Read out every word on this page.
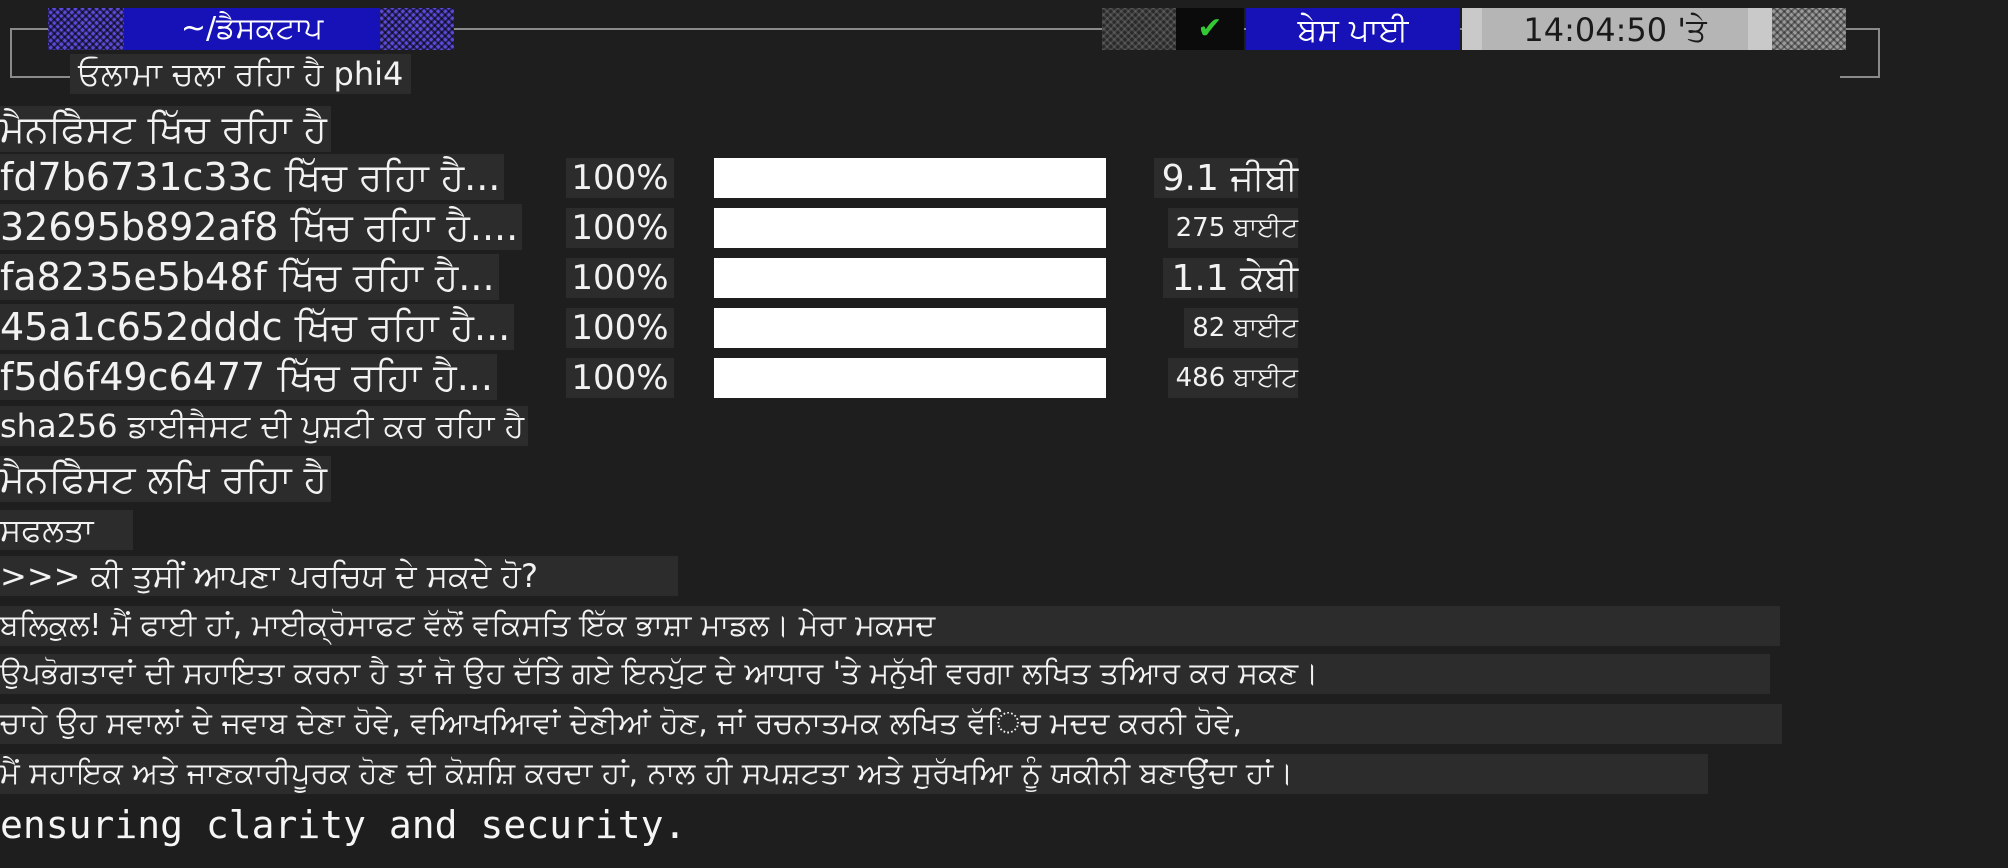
~/ਡੈਸਕਟਾਪ	✔	ਬੇਸ ਪਾਈ	14:04:50 'ਤੇ
ਓਲਾਮਾ ਚਲਾ ਰਹਿਾ ਹੈ phi4
ਮੈਨਫਿੈਸਟ ਖਿੱਚ ਰਹਿਾ ਹੈ
fd7b6731c33c ਖਿੱਚ ਰਹਿਾ ਹੈ... 100%	9.1 ਜੀਬੀ
32695b892af8 ਖਿੱਚ ਰਹਿਾ ਹੈ.... 100%	275 ਬਾਈਟ
fa8235e5b48f ਖਿੱਚ ਰਹਿਾ ਹੈ... 100%	1.1 ਕੇਬੀ
45a1c652dddc ਖਿੱਚ ਰਹਿਾ ਹੈ... 100%	82 ਬਾਈਟ
f5d6f49c6477 ਖਿੱਚ ਰਹਿਾ ਹੈ... 100%	486 ਬਾਈਟ
sha256 ਡਾਈਜੈਸਟ ਦੀ ਪੁਸ਼ਟੀ ਕਰ ਰਹਿਾ ਹੈ
ਮੈਨਫਿੈਸਟ ਲਖਿ ਰਹਿਾ ਹੈ
ਸਫਲਤਾ
>>> ਕੀ ਤੁਸੀਂ ਆਪਣਾ ਪਰਚਿਯ ਦੇ ਸਕਦੇ ਹੋ?
ਬਲਿਕੁਲ! ਮੈਂ ਫਾਈ ਹਾਂ, ਮਾਈਕ੍ਰੋਸਾਫਟ ਵੱਲੋਂ ਵਕਿਸਤਿ ਇੱਕ ਭਾਸ਼ਾ ਮਾਡਲ। ਮੇਰਾ ਮਕਸਦ
ਉਪਭੋਗਤਾਵਾਂ ਦੀ ਸਹਾਇਤਾ ਕਰਨਾ ਹੈ ਤਾਂ ਜੋ ਉਹ ਦੱਤਿੇ ਗਏ ਇਨਪੁੱਟ ਦੇ ਆਧਾਰ 'ਤੇ ਮਨੁੱਖੀ ਵਰਗਾ ਲਖਿਤ ਤਆਿਰ ਕਰ ਸਕਣ।
ਚਾਹੇ ਉਹ ਸਵਾਲਾਂ ਦੇ ਜਵਾਬ ਦੇਣਾ ਹੋਵੇ, ਵਆਿਖਆਿਵਾਂ ਦੇਣੀਆਂ ਹੋਣ, ਜਾਂ ਰਚਨਾਤਮਕ ਲਖਿਤ ਵੱਿਚ ਮਦਦ ਕਰਨੀ ਹੋਵੇ,
ਮੈਂ ਸਹਾਇਕ ਅਤੇ ਜਾਣਕਾਰੀਪੂਰਕ ਹੋਣ ਦੀ ਕੋਸ਼ਸ਼ਿ ਕਰਦਾ ਹਾਂ, ਨਾਲ ਹੀ ਸਪਸ਼ਟਤਾ ਅਤੇ ਸੁਰੱਖਆਿ ਨੂੰ ਯਕੀਨੀ ਬਣਾਉਂਦਾ ਹਾਂ।
ensuring clarity and security.
